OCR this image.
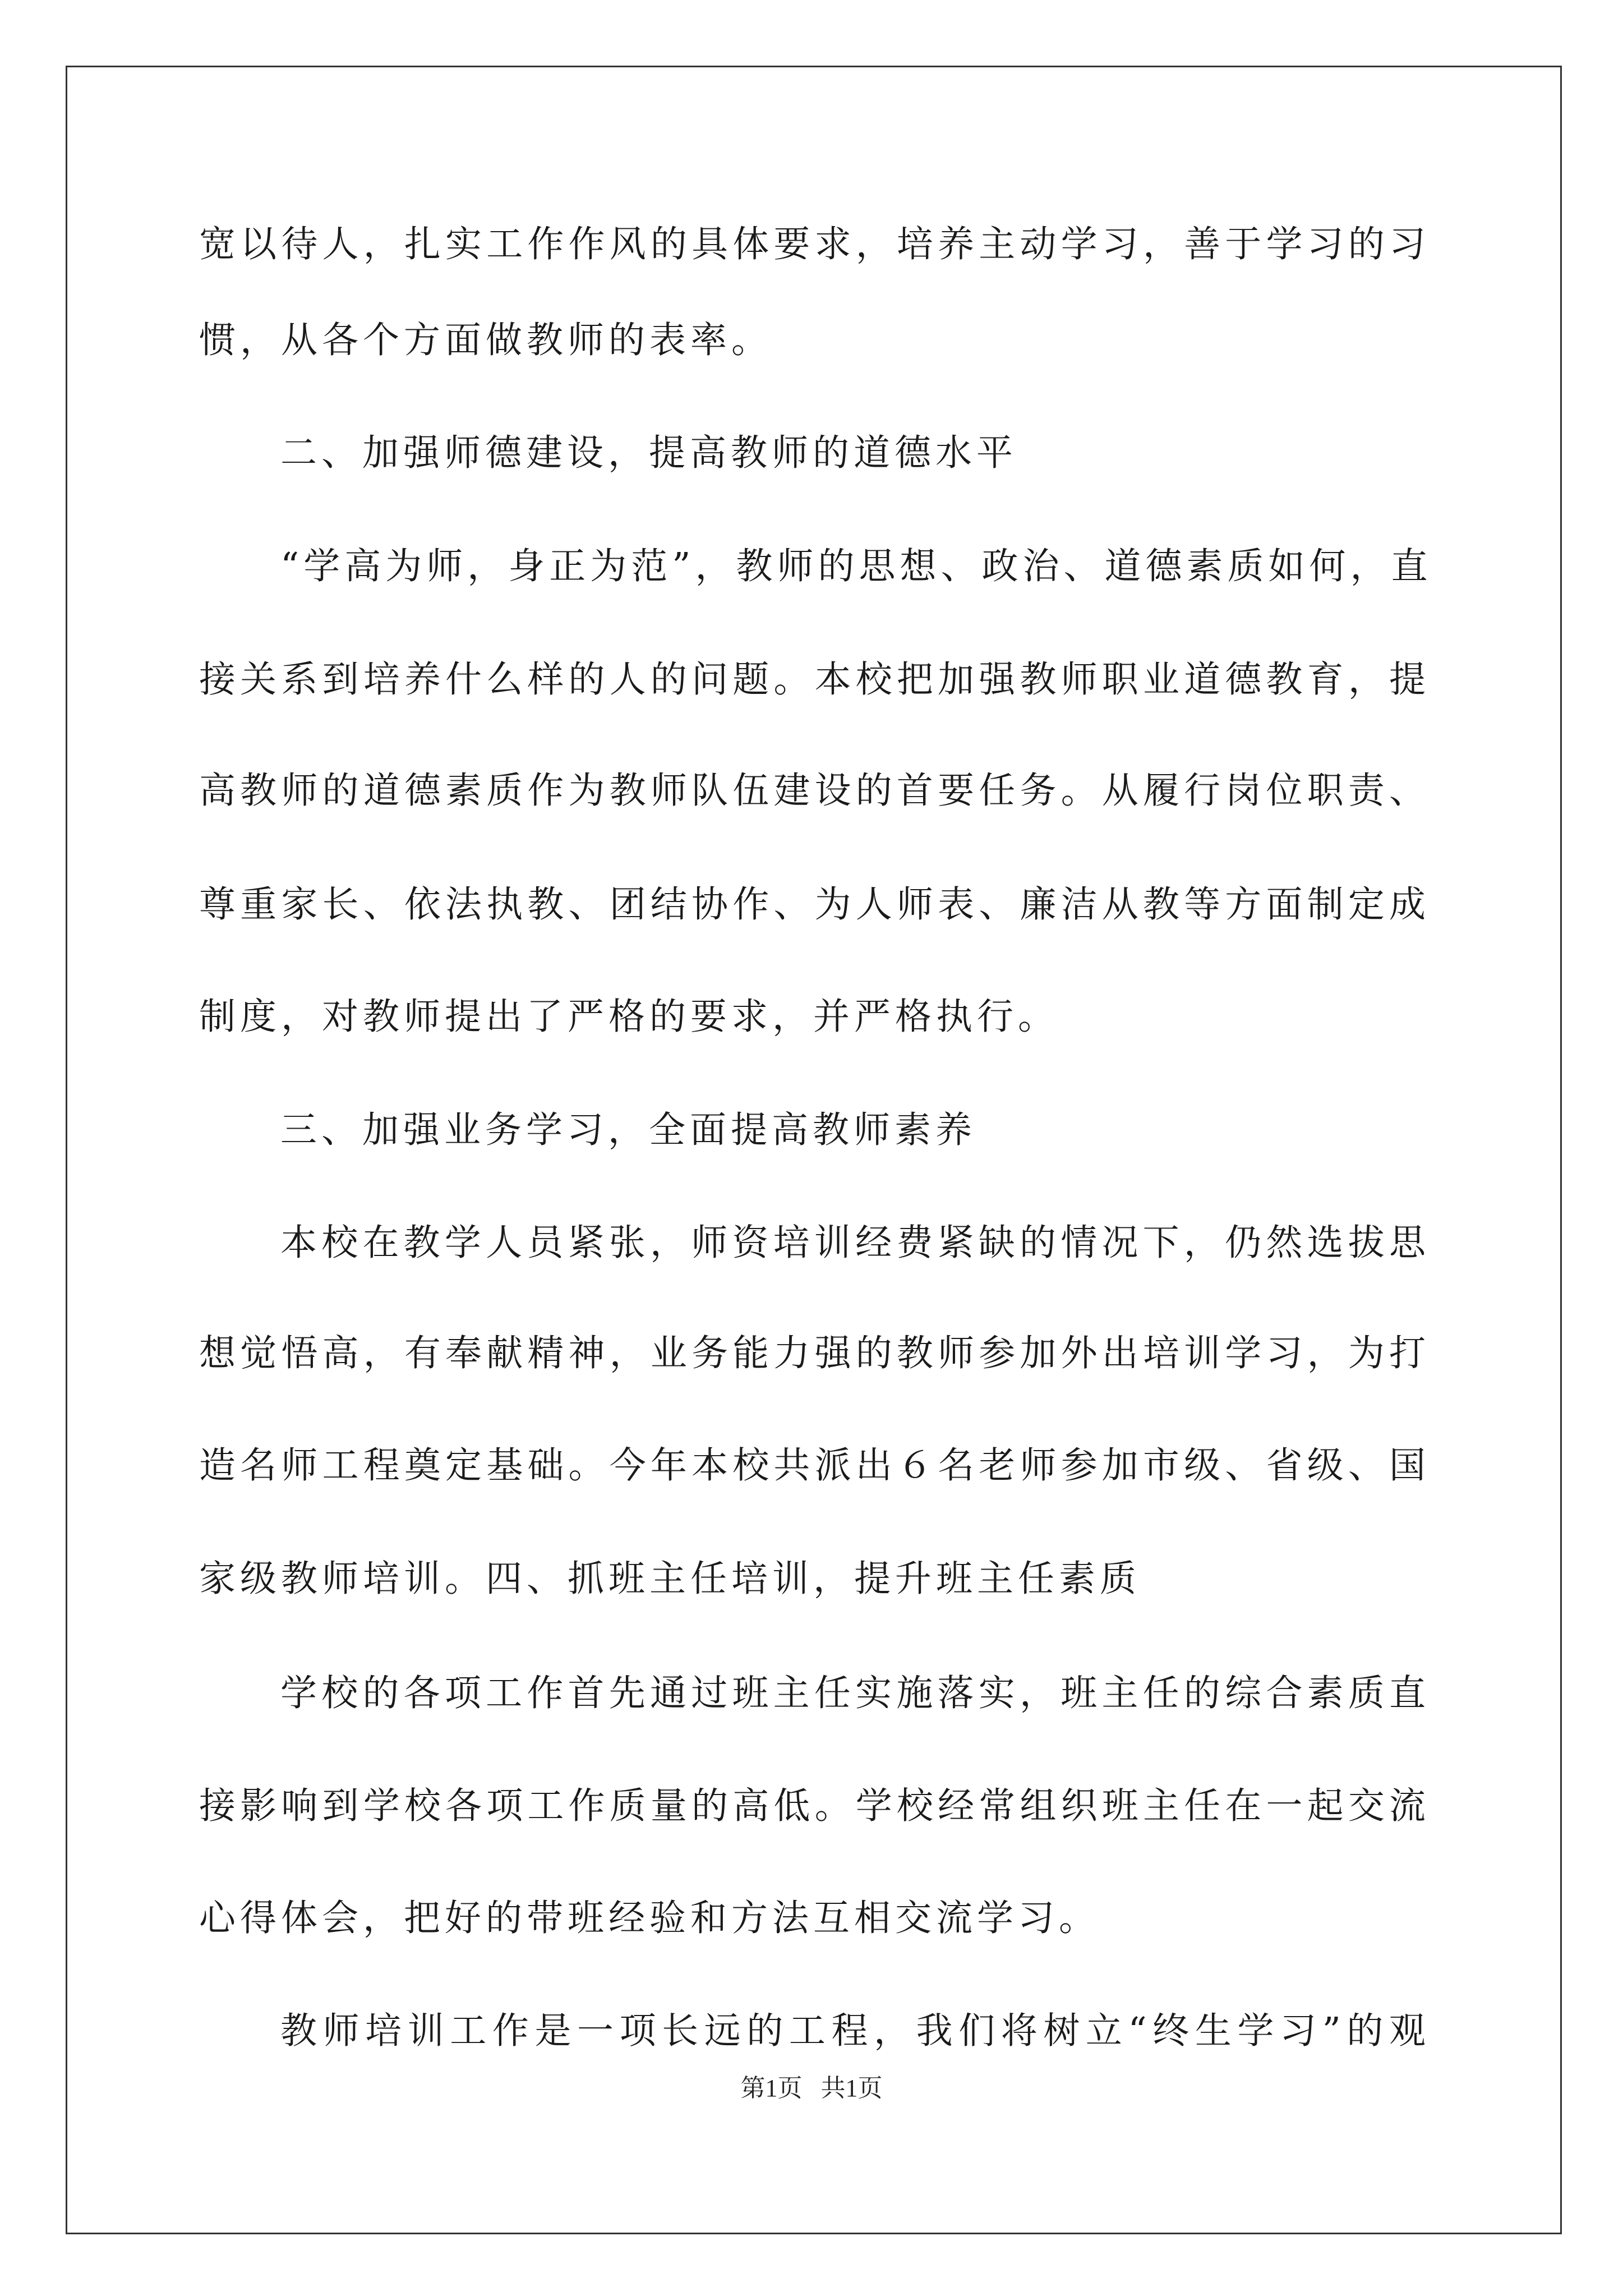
宽以待人，扎实工作作风的具体要求，培养主动学习，善于学习的习

惯，从各个方面做教师的表率。

二、加强师德建设，提高教师的道德水平

“学高为师，身正为范”，教师的思想、政治、道德素质如何，直

接关系到培养什么样的人的问题。本校把加强教师职业道德教育，提

高教师的道德素质作为教师队伍建设的首要任务。从履行岗位职责、

尊重家长、依法执教、团结协作、为人师表、廉洁从教等方面制定成

制度，对教师提出了严格的要求，并严格执行。

三、加强业务学习，全面提高教师素养

本校在教学人员紧张，师资培训经费紧缺的情况下，仍然选拔思

想觉悟高，有奉献精神，业务能力强的教师参加外出培训学习，为打

造名师工程奠定基础。今年本校共派出６名老师参加市级、省级、国

家级教师培训。四、抓班主任培训，提升班主任素质

学校的各项工作首先通过班主任实施落实，班主任的综合素质直

接影响到学校各项工作质量的高低。学校经常组织班主任在一起交流

心得体会，把好的带班经验和方法互相交流学习。

教师培训工作是一项长远的工程，我们将树立“终生学习”的观

第1页 共1页
